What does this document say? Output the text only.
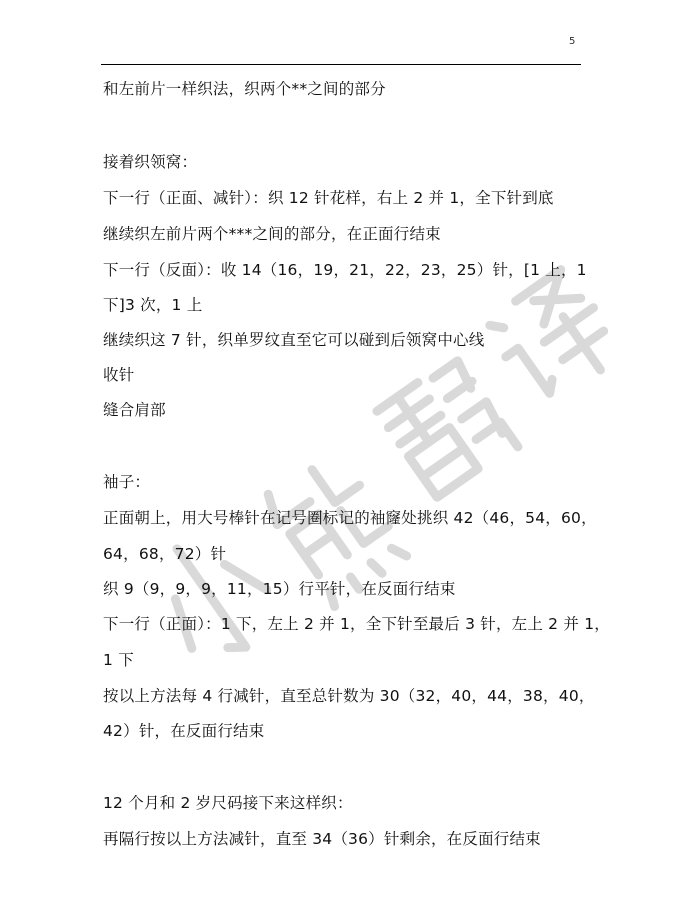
5
和左前片一样织法，织两个**之间的部分
接着织领窝：
下一行（正面、减针）：织 12 针花样，右上 2 并 1，全下针到底
继续织左前片两个***之间的部分，在正面行结束
下一行（反面）：收 14（16，19，21，22，23，25）针，[1 上，1
下]3 次，1 上
继续织这 7 针，织单罗纹直至它可以碰到后领窝中心线
收针
缝合肩部
袖子：
正面朝上，用大号棒针在记号圈标记的袖窿处挑织 42（46，54，60，
64，68，72）针
织 9（9，9，9，11，15）行平针，在反面行结束
下一行（正面）：1 下，左上 2 并 1，全下针至最后 3 针，左上 2 并 1，
1 下
按以上方法每 4 行减针，直至总针数为 30（32，40，44，38，40，
42）针，在反面行结束
12 个月和 2 岁尺码接下来这样织：
再隔行按以上方法减针，直至 34（36）针剩余，在反面行结束
